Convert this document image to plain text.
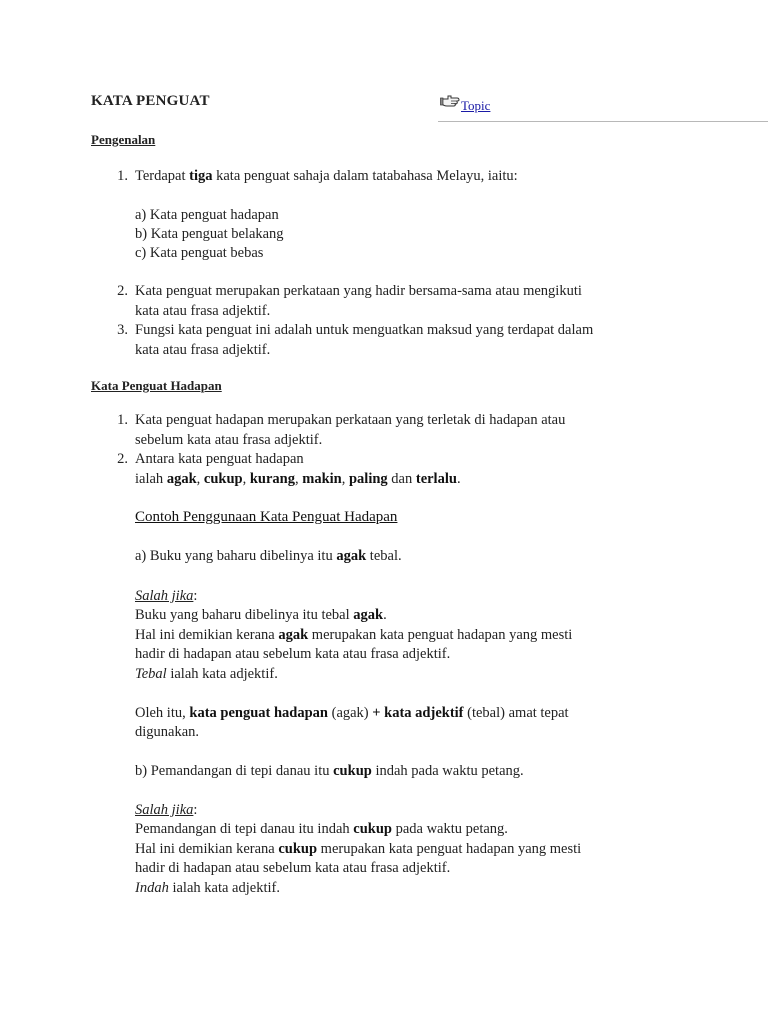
KATA PENGUAT	Topic
Pengenalan
1. Terdapat tiga kata penguat sahaja dalam tatabahasa Melayu, iaitu:
a) Kata penguat hadapan
b) Kata penguat belakang
c) Kata penguat bebas
2. Kata penguat merupakan perkataan yang hadir bersama-sama atau mengikuti
kata atau frasa adjektif.
3. Fungsi kata penguat ini adalah untuk menguatkan maksud yang terdapat dalam
kata atau frasa adjektif.
Kata Penguat Hadapan
1. Kata penguat hadapan merupakan perkataan yang terletak di hadapan atau
sebelum kata atau frasa adjektif.
2. Antara kata penguat hadapan
ialah agak, cukup, kurang, makin, paling dan terlalu.
Contoh Penggunaan Kata Penguat Hadapan
a) Buku yang baharu dibelinya itu agak tebal.
Salah jika:
Buku yang baharu dibelinya itu tebal agak.
Hal ini demikian kerana agak merupakan kata penguat hadapan yang mesti
hadir di hadapan atau sebelum kata atau frasa adjektif.
Tebal ialah kata adjektif.
Oleh itu, kata penguat hadapan (agak) + kata adjektif (tebal) amat tepat
digunakan.
b) Pemandangan di tepi danau itu cukup indah pada waktu petang.
Salah jika:
Pemandangan di tepi danau itu indah cukup pada waktu petang.
Hal ini demikian kerana cukup merupakan kata penguat hadapan yang mesti
hadir di hadapan atau sebelum kata atau frasa adjektif.
Indah ialah kata adjektif.
